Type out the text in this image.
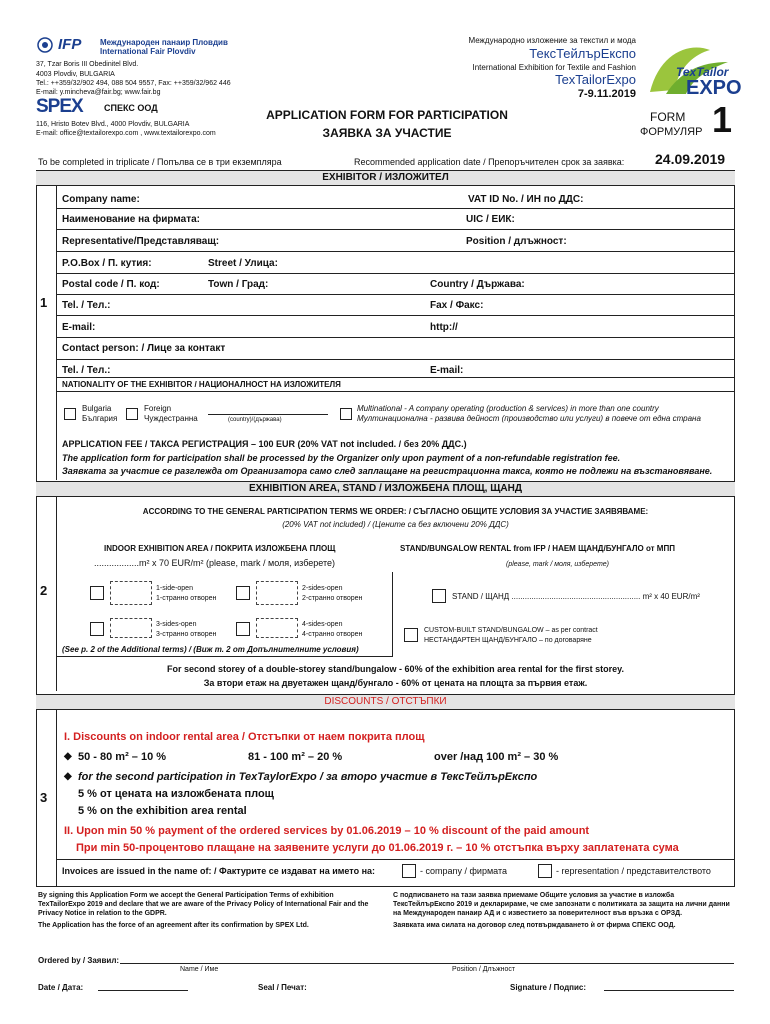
IFP Международен панаир Пловдив
International Fair Plovdiv
37, Tzar Boris III Obedinitel Blvd.
4003 Plovdiv, BULGARIA
Tel.: ++359/32/902 494, 088 504 9557, Fax: ++359/32/962 446
E-mail: y.mincheva@fair.bg; www.fair.bg
SPEX СПЕКС ООД
116, Hristo Botev Blvd., 4000 Plovdiv, BULGARIA
E-mail: office@textailorexpo.com , www.textailorexpo.com
Международно изложение за текстил и мода
ТексТейлърЕкспо
International Exhibition for Textile and Fashion
TexTailorExpo
7-9.11.2019
TexTailor
EXPO
APPLICATION FORM FOR PARTICIPATION
ЗАЯВКА ЗА УЧАСТИЕ
FORM
ФОРМУЛЯР 1
To be completed in triplicate / Попълва се в три екземпляра	Recommended application date / Препоръчителен срок за заявка: 24.09.2019
EXHIBITOR / ИЗЛОЖИТЕЛ
1
Company name:	VAT ID No. / ИН по ДДС:
Наименование на фирмата:	UIC / ЕИК:
Representative/Представляващ:	Position / длъжност:
P.O.Box / П. кутия:	Street / Улица:
Postal code / П. код:	Town / Град:	Country / Държава:
Tel. / Тел.:	Fax / Факс:
E-mail:	http://
Contact person: / Лице за контакт
Tel. / Тел.:	E-mail:
NATIONALITY OF THE EXHIBITOR / НАЦИОНАЛНОСТ НА ИЗЛОЖИТЕЛЯ
Bulgaria
България
Foreign
Чуждестранна	(country)/(държава)
Multinational - A company operating (production & services) in more than one country
Мултинационална - развива дейност (производство или услуги) в повече от една страна
APPLICATION FEE / ТАКСА РЕГИСТРАЦИЯ – 100 EUR (20% VAT not included. / без 20% ДДС.)
The application form for participation shall be processed by the Organizer only upon payment of a non-refundable registration fee.
Заявката за участие се разглежда от Организатора само след заплащане на регистрационна такса, която не подлежи на възстановяване.
EXHIBITION AREA, STAND / ИЗЛОЖБЕНА ПЛОЩ, ЩАНД
2
ACCORDING TO THE GENERAL PARTICIPATION TERMS WE ORDER: / СЪГЛАСНО ОБЩИТЕ УСЛОВИЯ ЗА УЧАСТИЕ ЗАЯВЯВАМЕ:
(20% VAT not included) / (Цените са без включени 20% ДДС)
INDOOR EXHIBITION AREA / ПОКРИТА ИЗЛОЖБЕНА ПЛОЩ
..................m² x 70 EUR/m² (please, mark / моля, изберете)
STAND/BUNGALOW RENTAL from IFP / НАЕМ ЩАНД/БУНГАЛО от МПП
(please, mark / моля, изберете)
1-side-open
1-странно отворен
2-sides-open
2-странно отворен
3-sides-open
3-странно отворен
4-sides-open
4-странно отворен
(See p. 2 of the Additional terms) / (Виж т. 2 от Допълнителните условия)
STAND / ЩАНД .......................................................... m² x 40 EUR/m²
CUSTOM-BUILT STAND/BUNGALOW – as per contract
НЕСТАНДАРТЕН ЩАНД/БУНГАЛО – по договаряне
For second storey of a double-storey stand/bungalow - 60% of the exhibition area rental for the first storey.
За втори етаж на двуетажен щанд/бунгало - 60% от цената на площта за първия етаж.
DISCOUNTS / ОТСТЪПКИ
3
I. Discounts on indoor rental area / Отстъпки от наем покрита площ
◆ 50 - 80 m² – 10 %	81 - 100 m² – 20 %	over /над 100 m² – 30 %
◆ for the second participation in TexTaylorExpo / за второ участие в ТексТейлърЕкспо
5 % от цената на изложбената площ
5 % on the exhibition area rental
II. Upon min 50 % payment of the ordered services by 01.06.2019 – 10 % discount of the paid amount
При min 50-процентово плащане на заявените услуги до 01.06.2019 г. – 10 % отстъпка върху заплатената сума
Invoices are issued in the name of: / Фактурите се издават на името на:	- company / фирмата	- representation / представителството
By signing this Application Form we accept the General Participation Terms of exhibition TexTailorExpo 2019 and declare that we are aware of the Privacy Policy of International Fair and the Privacy Notice in relation to the GDPR.
The Application has the force of an agreement after its confirmation by SPEX Ltd.
С подписването на тази заявка приемаме Общите условия за участие в изложба ТексТейлърЕкспо 2019 и декларираме, че сме запознати с политиката за защита на лични данни на Международен панаир АД и с известието за поверителност във връзка с ОРЗД.
Заявката има силата на договор след потвърждаването ѝ от фирма СПЕКС ООД.
Ordered by / Заявил:
Name / Име	Position / Длъжност
Date / Дата:	Seal / Печат:	Signature / Подпис:
